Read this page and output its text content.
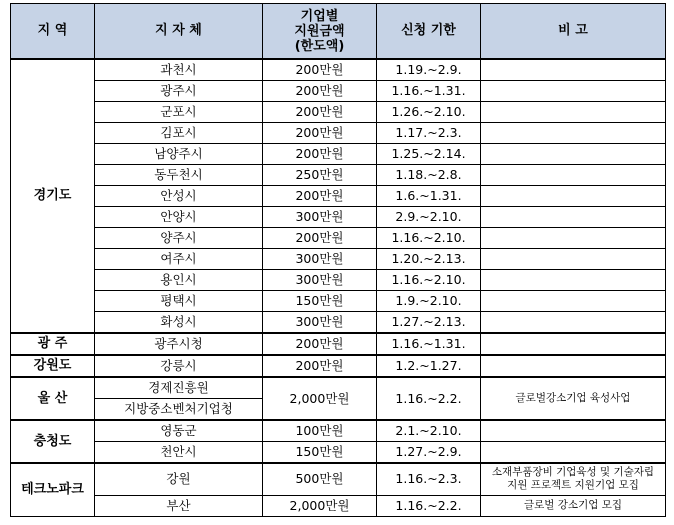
지 역	지 자 체	기업별
지원금액
(한도액)	신청 기한	비 고
경기도	과천시	200만원	1.19.~2.9.	
	광주시	200만원	1.16.~1.31.	
	군포시	200만원	1.26.~2.10.	
	김포시	200만원	1.17.~2.3.	
	남양주시	200만원	1.25.~2.14.	
	동두천시	250만원	1.18.~2.8.	
	안성시	200만원	1.6.~1.31.	
	안양시	300만원	2.9.~2.10.	
	양주시	200만원	1.16.~2.10.	
	여주시	300만원	1.20.~2.13.	
	용인시	300만원	1.16.~2.10.	
	평택시	150만원	1.9.~2.10.	
	화성시	300만원	1.27.~2.13.	
광 주	광주시청	200만원	1.16.~1.31.	
강원도	강릉시	200만원	1.2.~1.27.	
울 산	경제진흥원	2,000만원	1.16.~2.2.	글로벌강소기업 육성사업
	지방중소벤처기업청			
충청도	영동군	100만원	2.1.~2.10.	
	천안시	150만원	1.27.~2.9.	
테크노파크	강원	500만원	1.16.~2.3.	소재부품장비 기업육성 및 기술자립
지원 프로젝트 지원기업 모집

	부산	2,000만원	1.16.~2.2.	글로벌 강소기업 모집
